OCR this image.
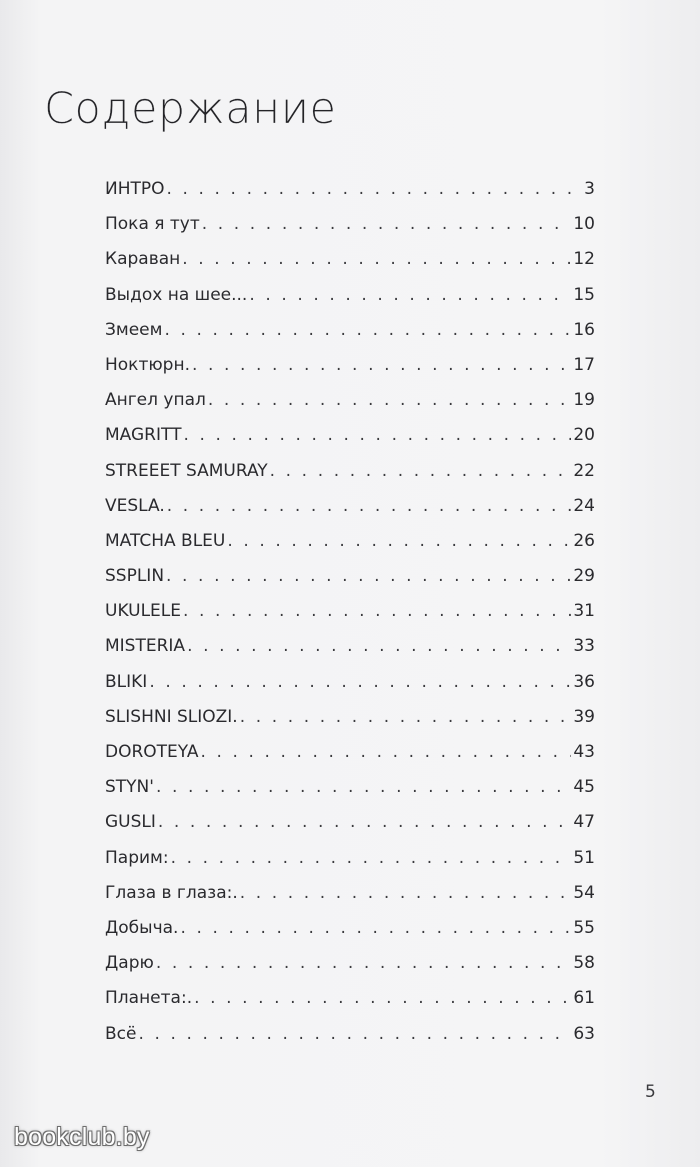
Содержание
ИНТРО . . .	3
Пока я тут . . .	10
Караван . . .	12
Выдох на шее... . . .	15
Змеем . . .	16
Ноктюрн. . . .	17
Ангел упал . . .	19
MAGRITT . . .	20
STREEET SAMURAY . . .	22
VESLA. . . .	24
MATCHA BLEU . . .	26
SSPLIN . . .	29
UKULELE . . .	31
MISTERIA . . .	33
BLIKI . . .	36
SLISHNI SLIOZI. . . .	39
DOROTEYA . . .	43
STYN' . . .	45
GUSLI . . .	47
Парим: . . .	51
Глаза в глаза:. . . .	54
Добыча. . . .	55
Дарю . . .	58
Планета:. . . .	61
Всё . . .	63
5
bookclub.by
